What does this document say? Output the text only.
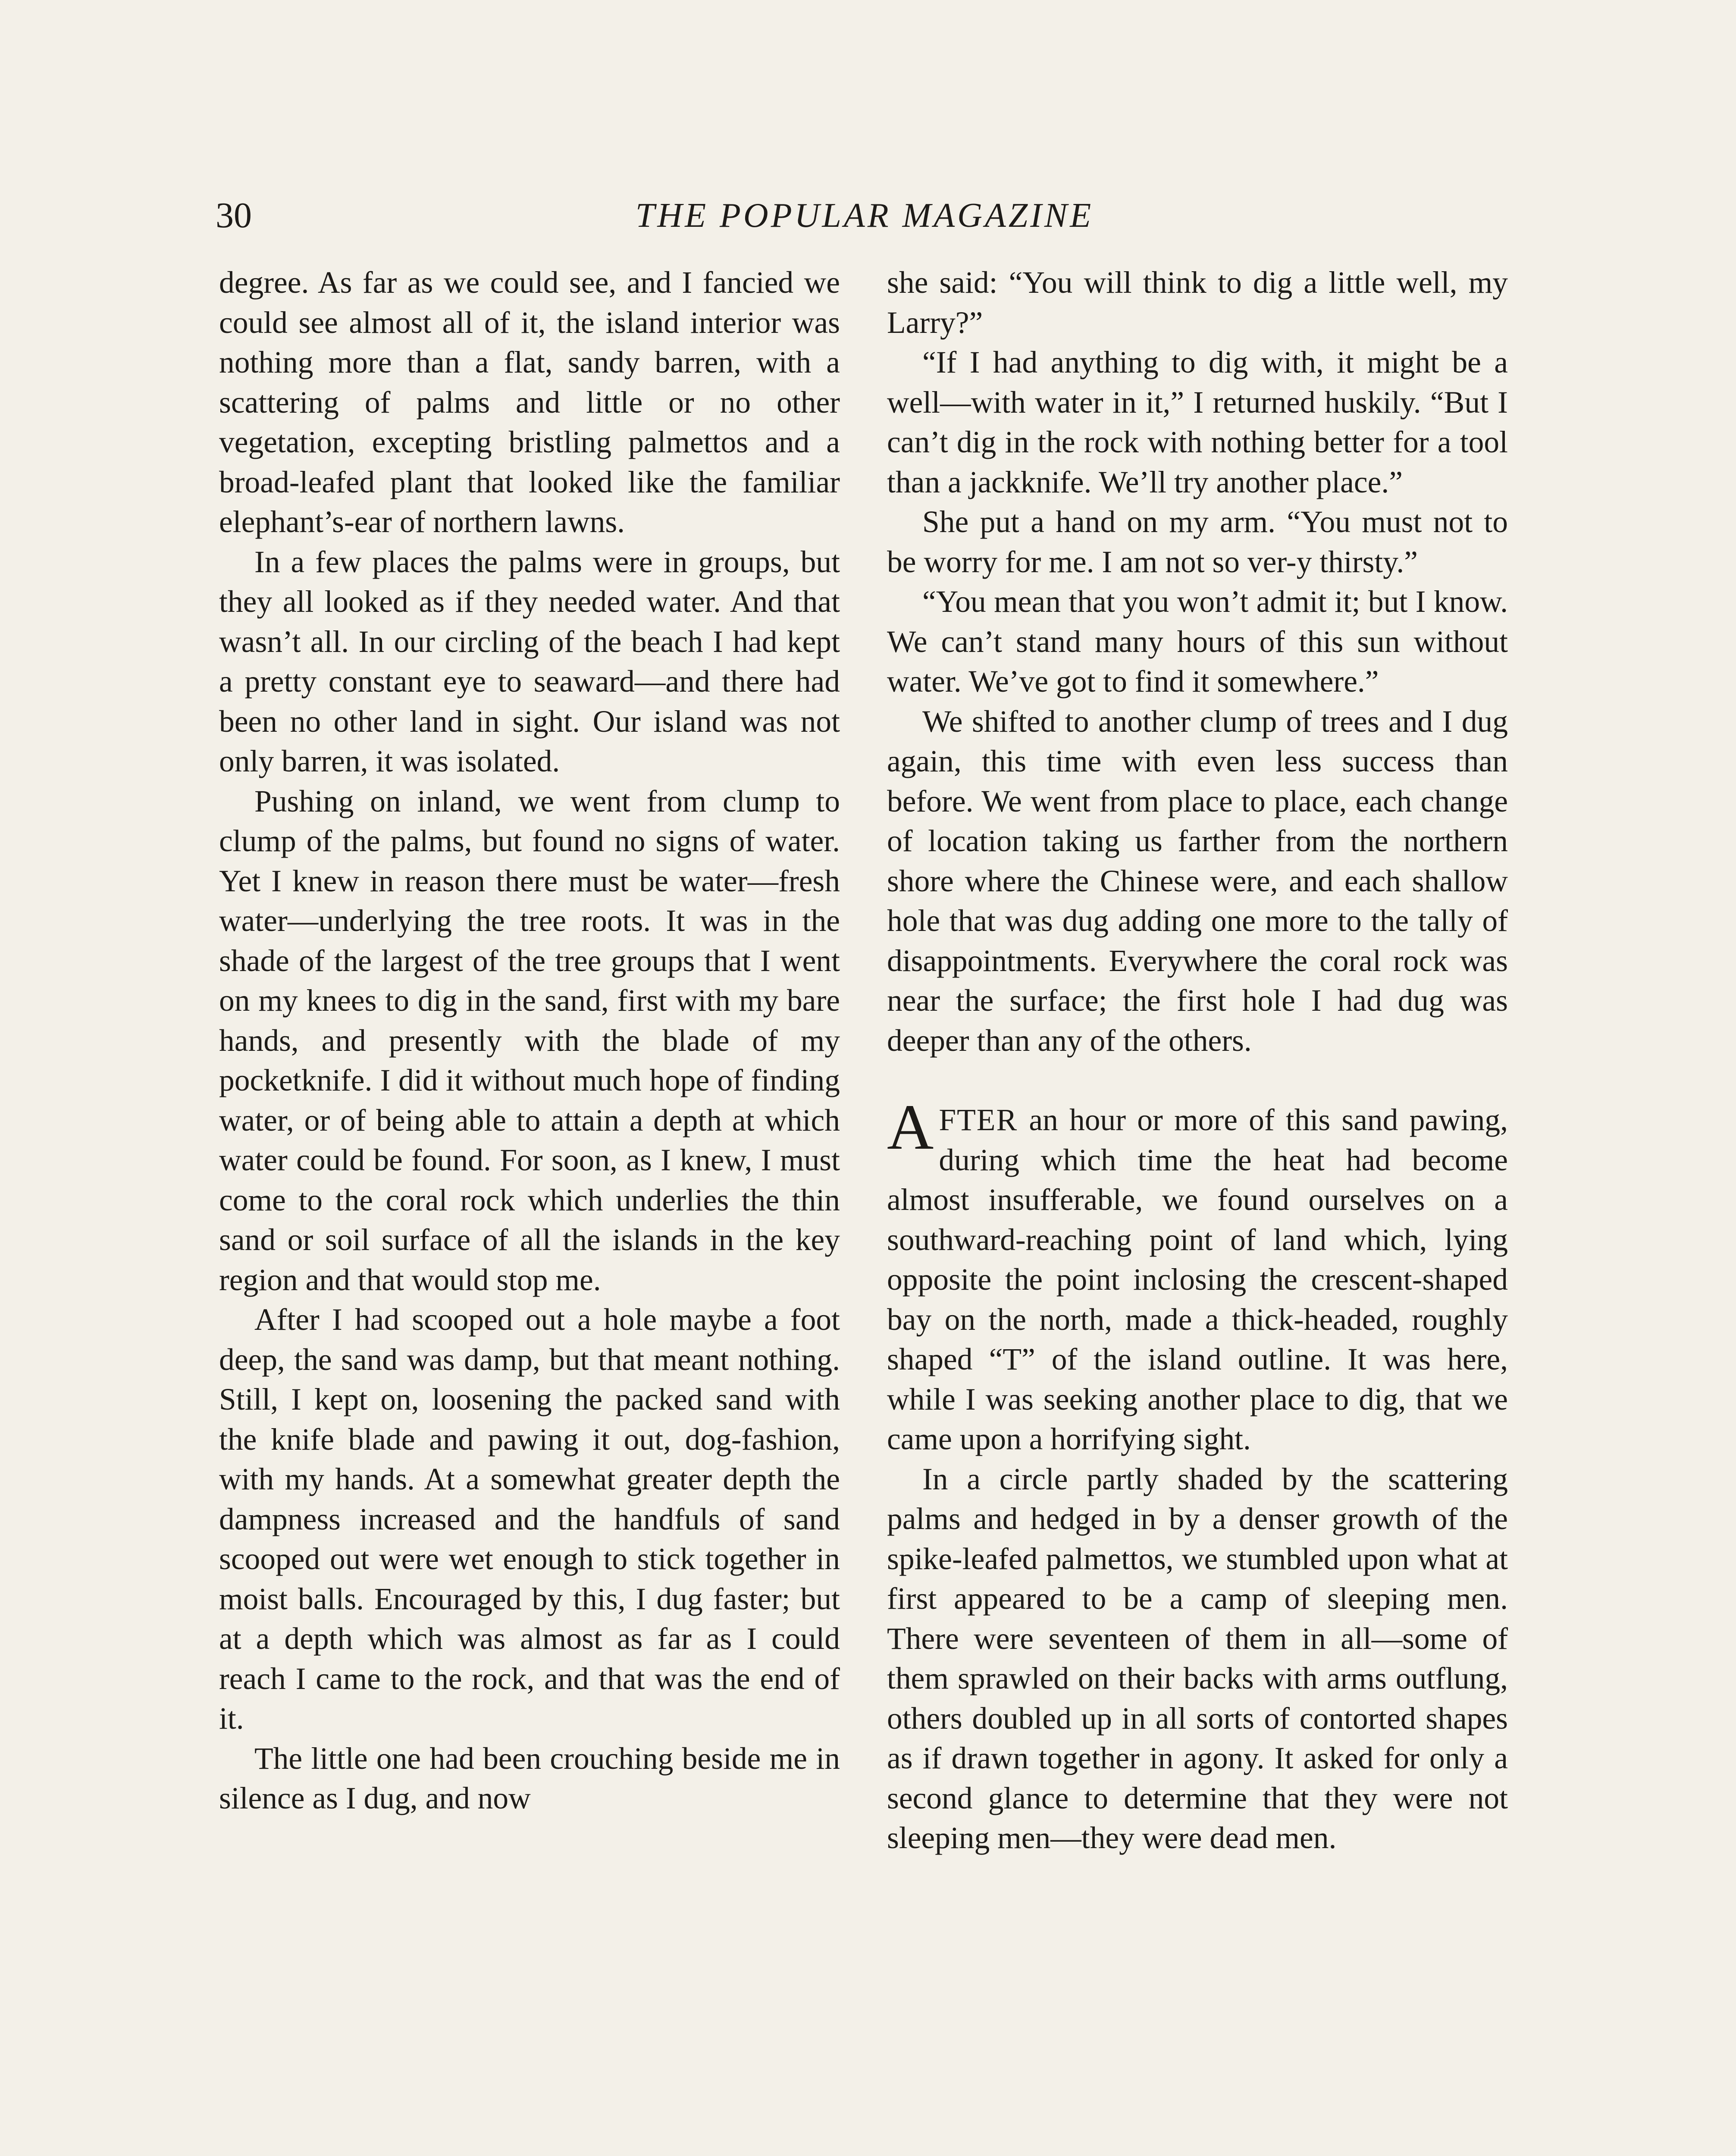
30	THE POPULAR MAGAZINE

degree. As far as we could see, and I fancied we could see almost all of it, the island interior was nothing more than a flat, sandy barren, with a scattering of palms and little or no other vegetation, excepting bristling palmettos and a broad-leafed plant that looked like the familiar elephant’s-ear of northern lawns.

In a few places the palms were in groups, but they all looked as if they needed water. And that wasn’t all. In our circling of the beach I had kept a pretty constant eye to seaward—and there had been no other land in sight. Our island was not only barren, it was isolated.

Pushing on inland, we went from clump to clump of the palms, but found no signs of water. Yet I knew in reason there must be water—fresh water—underlying the tree roots. It was in the shade of the largest of the tree groups that I went on my knees to dig in the sand, first with my bare hands, and presently with the blade of my pocketknife. I did it without much hope of finding water, or of being able to attain a depth at which water could be found. For soon, as I knew, I must come to the coral rock which underlies the thin sand or soil surface of all the islands in the key region and that would stop me.

After I had scooped out a hole maybe a foot deep, the sand was damp, but that meant nothing. Still, I kept on, loosening the packed sand with the knife blade and pawing it out, dog-fashion, with my hands. At a somewhat greater depth the dampness increased and the handfuls of sand scooped out were wet enough to stick together in moist balls. Encouraged by this, I dug faster; but at a depth which was almost as far as I could reach I came to the rock, and that was the end of it.

The little one had been crouching beside me in silence as I dug, and now

she said: “You will think to dig a little well, my Larry?”

“If I had anything to dig with, it might be a well—with water in it,” I returned huskily. “But I can’t dig in the rock with nothing better for a tool than a jackknife. We’ll try another place.”

She put a hand on my arm. “You must not to be worry for me. I am not so ver-y thirsty.”

“You mean that you won’t admit it; but I know. We can’t stand many hours of this sun without water. We’ve got to find it somewhere.”

We shifted to another clump of trees and I dug again, this time with even less success than before. We went from place to place, each change of location taking us farther from the northern shore where the Chinese were, and each shallow hole that was dug adding one more to the tally of disappointments. Everywhere the coral rock was near the surface; the first hole I had dug was deeper than any of the others.

AFTER an hour or more of this sand pawing, during which time the heat had become almost insufferable, we found ourselves on a southward-reaching point of land which, lying opposite the point inclosing the crescent-shaped bay on the north, made a thick-headed, roughly shaped “T” of the island outline. It was here, while I was seeking another place to dig, that we came upon a horrifying sight.

In a circle partly shaded by the scattering palms and hedged in by a denser growth of the spike-leafed palmettos, we stumbled upon what at first appeared to be a camp of sleeping men. There were seventeen of them in all—some of them sprawled on their backs with arms outflung, others doubled up in all sorts of contorted shapes as if drawn together in agony. It asked for only a second glance to determine that they were not sleeping men—they were dead men.
